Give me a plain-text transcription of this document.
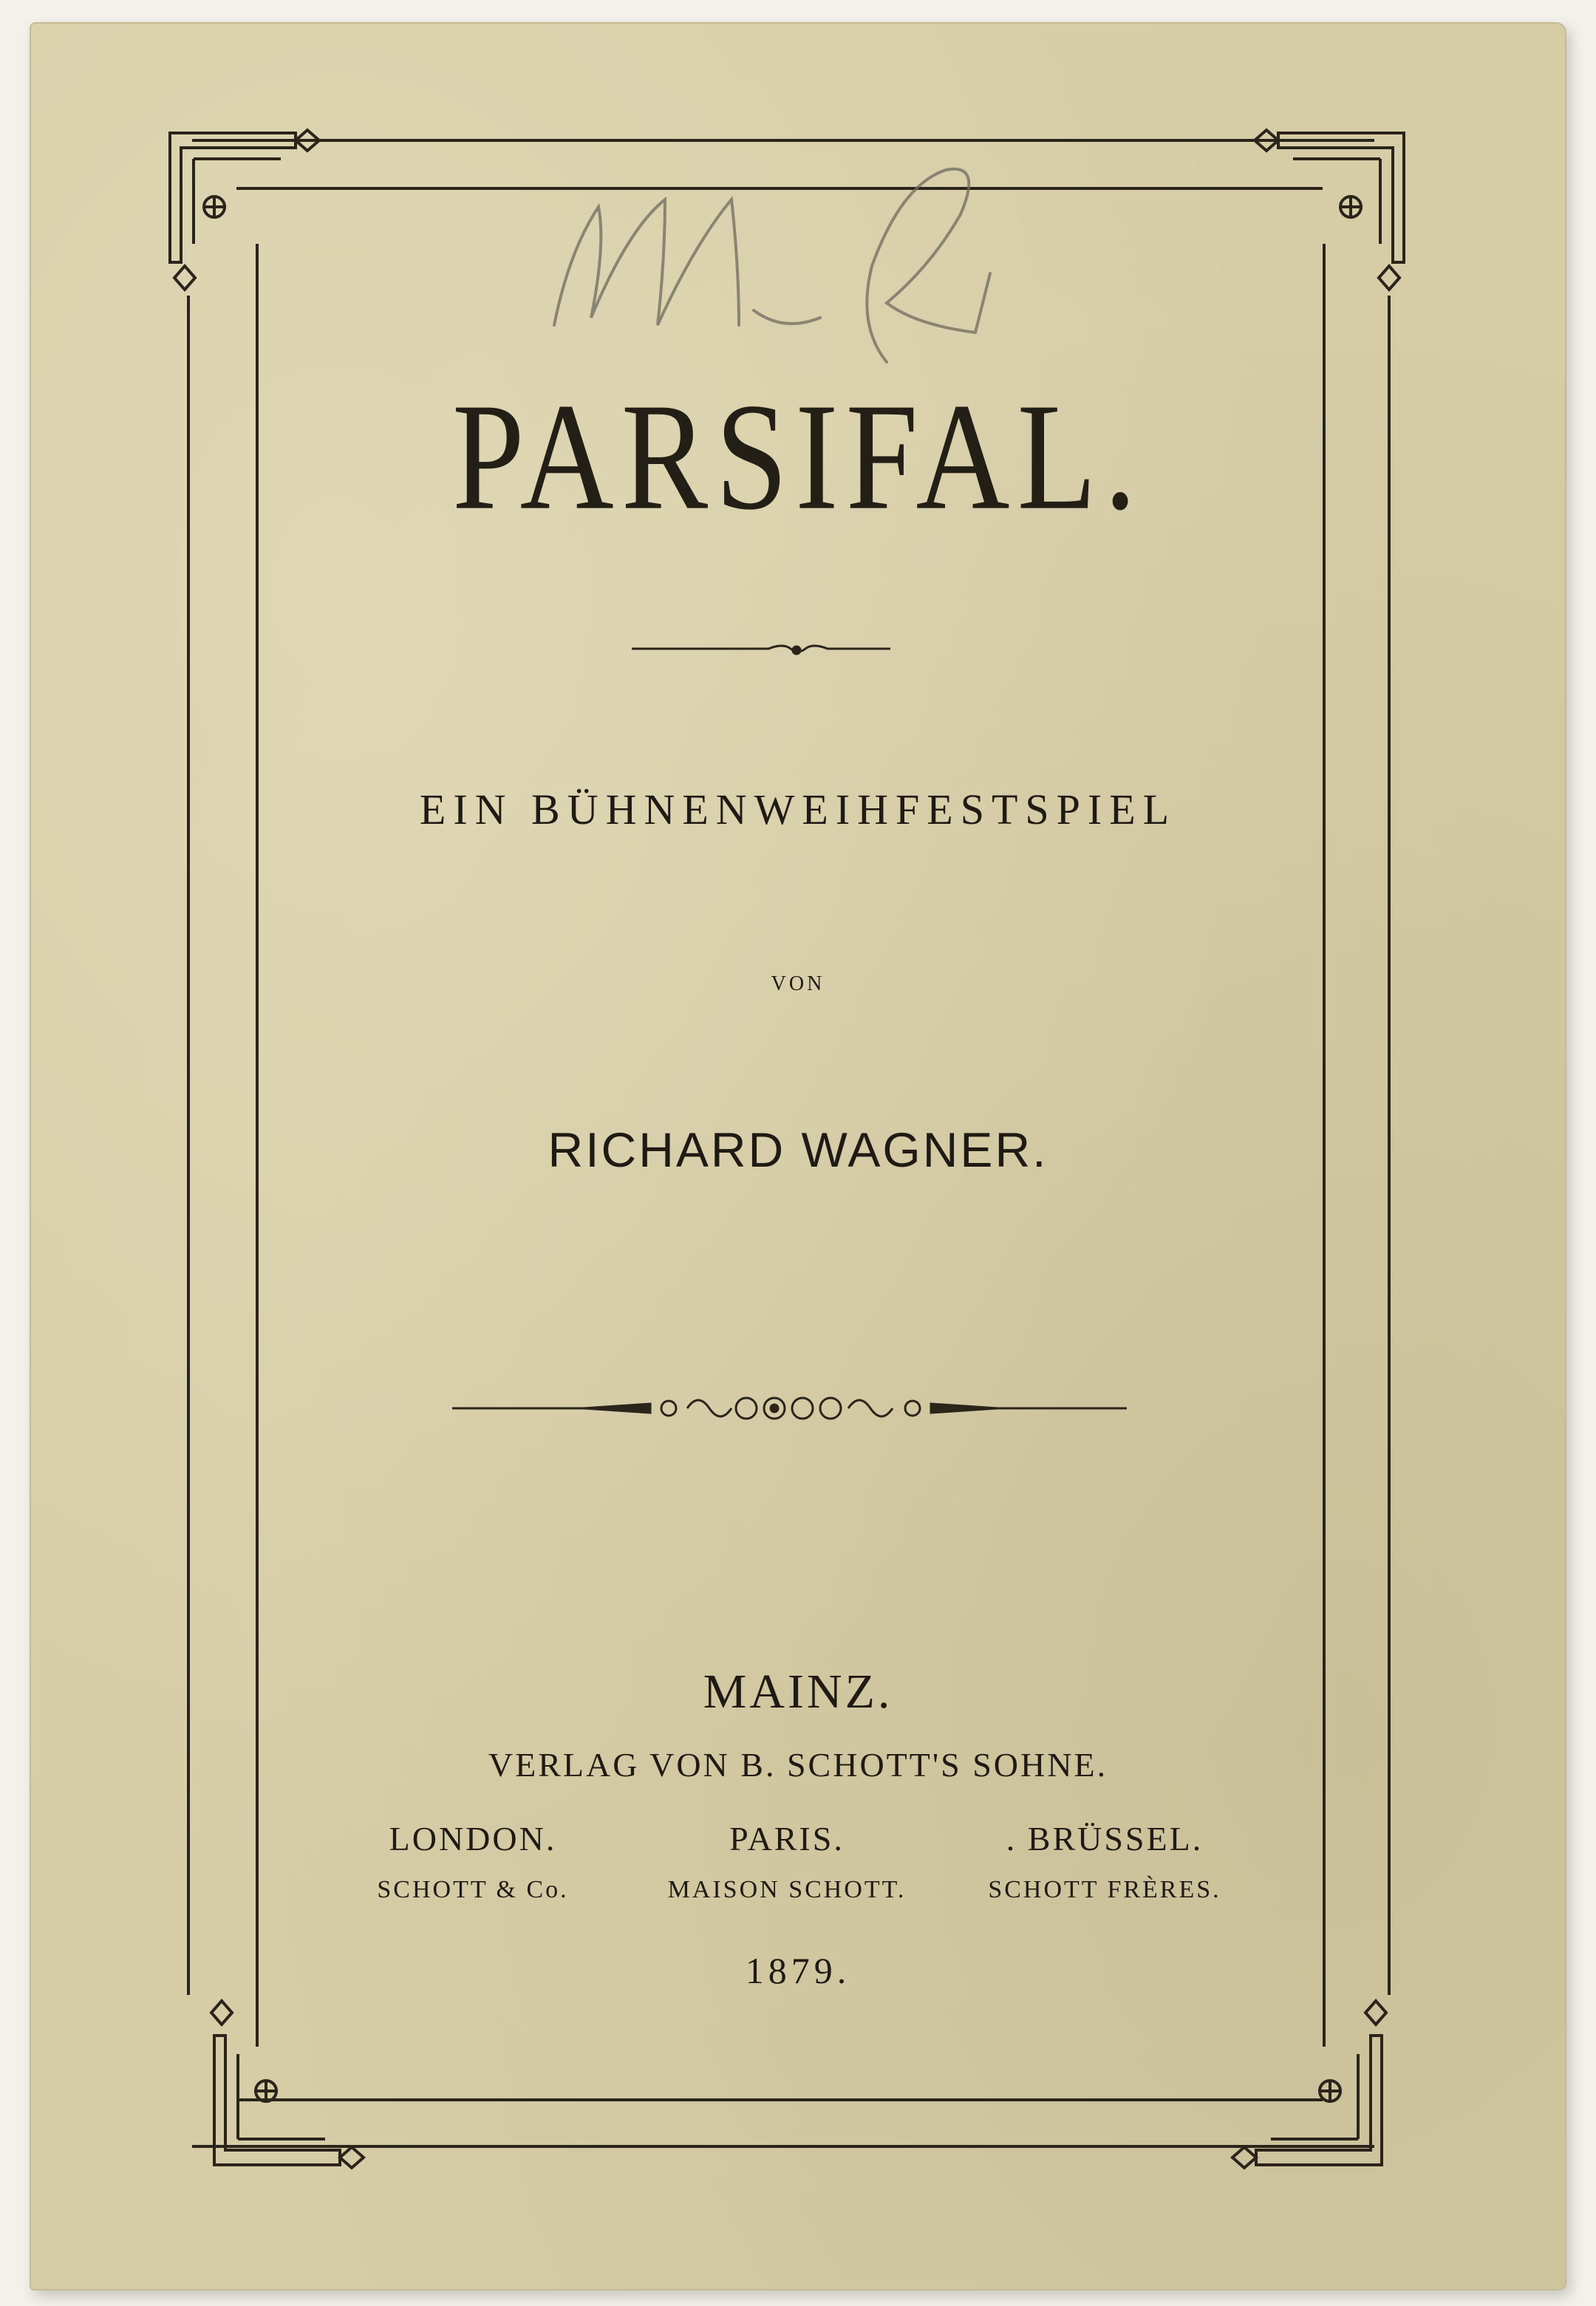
PARSIFAL.
EIN BÜHNENWEIHFESTSPIEL
VON
RICHARD WAGNER.
MAINZ.
VERLAG VON B. SCHOTT'S SOHNE.
LONDON.
SCHOTT & Co.
PARIS.
MAISON SCHOTT.
. BRÜSSEL.
SCHOTT FRÈRES.
1879.
